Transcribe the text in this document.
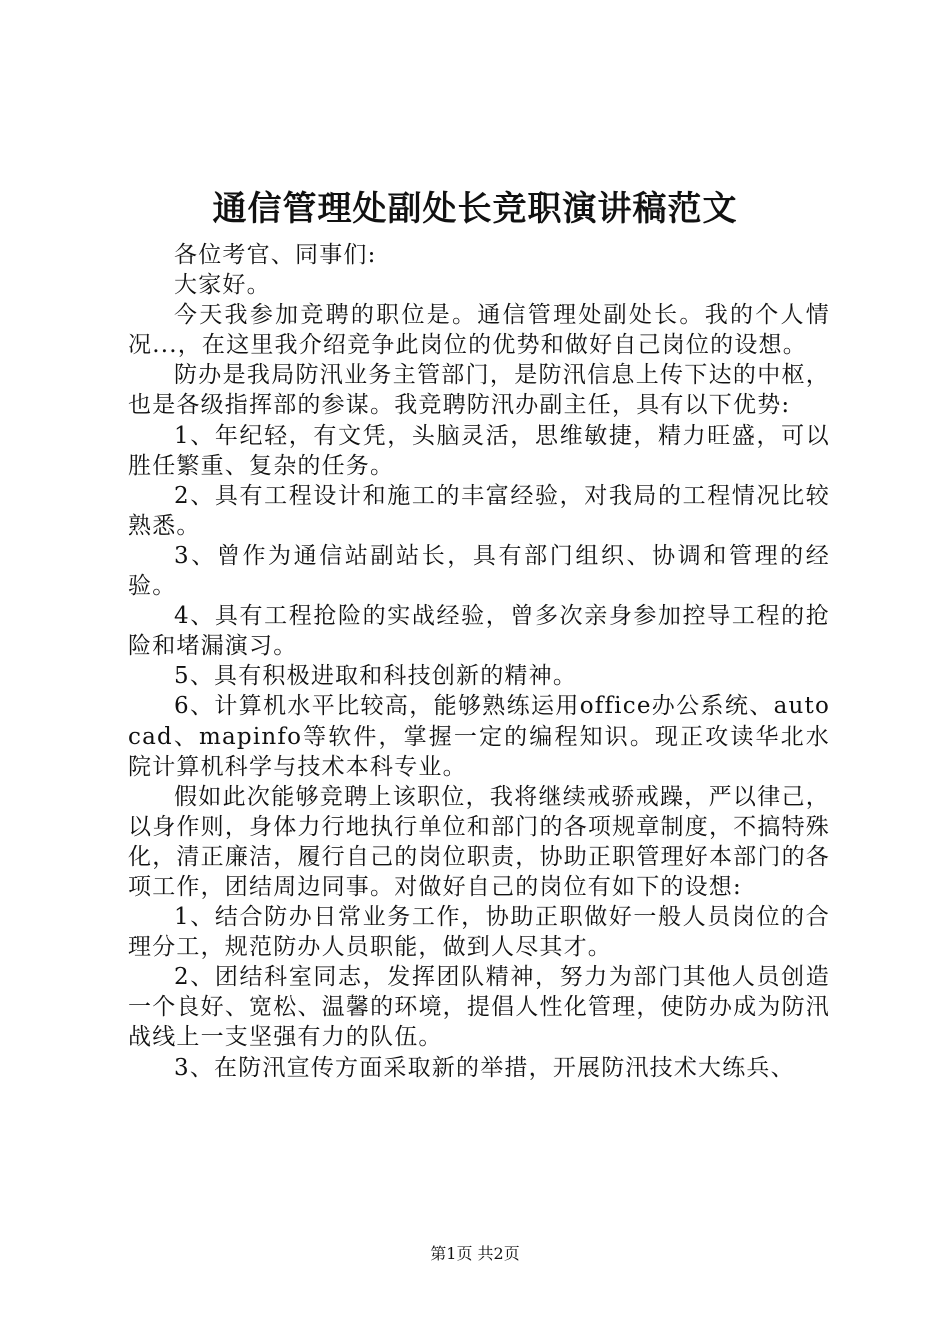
通信管理处副处长竞职演讲稿范文

各位考官、同事们:

大家好。

今天我参加竞聘的职位是。通信管理处副处长。我的个人情况...，在这里我介绍竞争此岗位的优势和做好自己岗位的设想。

防办是我局防汛业务主管部门，是防汛信息上传下达的中枢，也是各级指挥部的参谋。我竞聘防汛办副主任，具有以下优势:

1、年纪轻，有文凭，头脑灵活，思维敏捷，精力旺盛，可以胜任繁重、复杂的任务。

2、具有工程设计和施工的丰富经验，对我局的工程情况比较熟悉。

3、曾作为通信站副站长，具有部门组织、协调和管理的经验。

4、具有工程抢险的实战经验，曾多次亲身参加控导工程的抢险和堵漏演习。

5、具有积极进取和科技创新的精神。

6、计算机水平比较高，能够熟练运用office办公系统、autocad、mapinfo等软件，掌握一定的编程知识。现正攻读华北水院计算机科学与技术本科专业。

假如此次能够竞聘上该职位，我将继续戒骄戒躁，严以律己，以身作则，身体力行地执行单位和部门的各项规章制度，不搞特殊化，清正廉洁，履行自己的岗位职责，协助正职管理好本部门的各项工作，团结周边同事。对做好自己的岗位有如下的设想:

1、结合防办日常业务工作，协助正职做好一般人员岗位的合理分工，规范防办人员职能，做到人尽其才。

2、团结科室同志，发挥团队精神，努力为部门其他人员创造一个良好、宽松、温馨的环境，提倡人性化管理，使防办成为防汛战线上一支坚强有力的队伍。

3、在防汛宣传方面采取新的举措，开展防汛技术大练兵、

第1页 共2页
